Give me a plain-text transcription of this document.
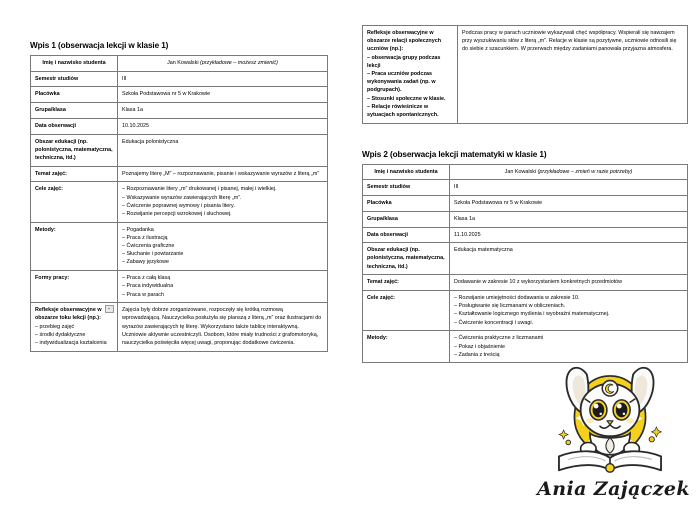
Wpis 1 (obserwacja lekcji w klasie 1)
Imię i nazwisko studenta	Jan Kowalski (przykładowe – możesz zmienić)
Semestr studiów	III
Placówka	Szkoła Podstawowa nr 5 w Krakowie
Grupa/klasa	Klasa 1a
Data obserwacji	10.10.2025
Obszar edukacji (np. polonistyczna, matematyczna, techniczna, itd.)	Edukacja polonistyczna
Temat zajęć:	Poznajemy literę „M” – rozpoznawanie, pisanie i wskazywanie wyrazów z literą „m”
Cele zajęć:	– Rozpoznawanie litery „m” drukowanej i pisanej, małej i wielkiej.
– Wskazywanie wyrazów zawierających literę „m”.
– Ćwiczenie poprawnej wymowy i pisania litery.
– Rozwijanie percepcji wzrokowej i słuchowej.

Metody:	– Pogadanka
– Praca z ilustracją
– Ćwiczenia graficzne
– Słuchanie i powtarzanie
– Zabawy językowe

Formy pracy:	– Praca z całą klasą
– Praca indywidualna
– Praca w parach

Refleksje obserwacyjne w obszarze toku lekcji (np.):
– przebieg zajęć
– środki dydaktyczne
– indywidualizacja kształcenia
	Zajęcia były dobrze zorganizowane, rozpoczęły się krótką rozmową wprowadzającą. Nauczycielka posłużyła się planszą z literą „m” oraz ilustracjami do wyrazów zawierających tę literę. Wykorzystano także tablicę interaktywną. Uczniowie aktywnie uczestniczyli. Osobom, które miały trudności z grafomotoryką, nauczycielka poświęciła więcej uwagi, proponując dodatkowe ćwiczenia.
Refleksje obserwacyjne w obszarze relacji społecznych uczniów (np.):
– obserwacja grupy podczas lekcji
– Praca uczniów podczas wykonywania zadań (np. w podgrupach).
– Stosunki społeczne w klasie.
– Relacje rówieśnicze w sytuacjach spontanicznych.
	Podczas pracy w parach uczniowie wykazywali chęć współpracy. Wspierali się nawzajem przy wyszukiwaniu słów z literą „m”. Relacje w klasie są pozytywne, uczniowie odnosili się do siebie z szacunkiem. W przerwach między zadaniami panowała przyjazna atmosfera.
Wpis 2 (obserwacja lekcji matematyki w klasie 1)
Imię i nazwisko studenta	Jan Kowalski (przykładowe – zmień w razie potrzeby)
Semestr studiów	III
Placówka	Szkoła Podstawowa nr 5 w Krakowie
Grupa/klasa	Klasa 1a
Data obserwacji	11.10.2025
Obszar edukacji (np. polonistyczna, matematyczna, techniczna, itd.)	Edukacja matematyczna
Temat zajęć:	Dodawanie w zakresie 10 z wykorzystaniem konkretnych przedmiotów
Cele zajęć:	– Rozwijanie umiejętności dodawania w zakresie 10.
– Posługiwanie się liczmanami w obliczeniach.
– Kształtowanie logicznego myślenia i wyobraźni matematycznej.
– Ćwiczenie koncentracji i uwagi.

Metody:	– Ćwiczenia praktyczne z liczmanami
– Pokaz i objaśnienie
– Zadania z treścią
Ania Zajączek
